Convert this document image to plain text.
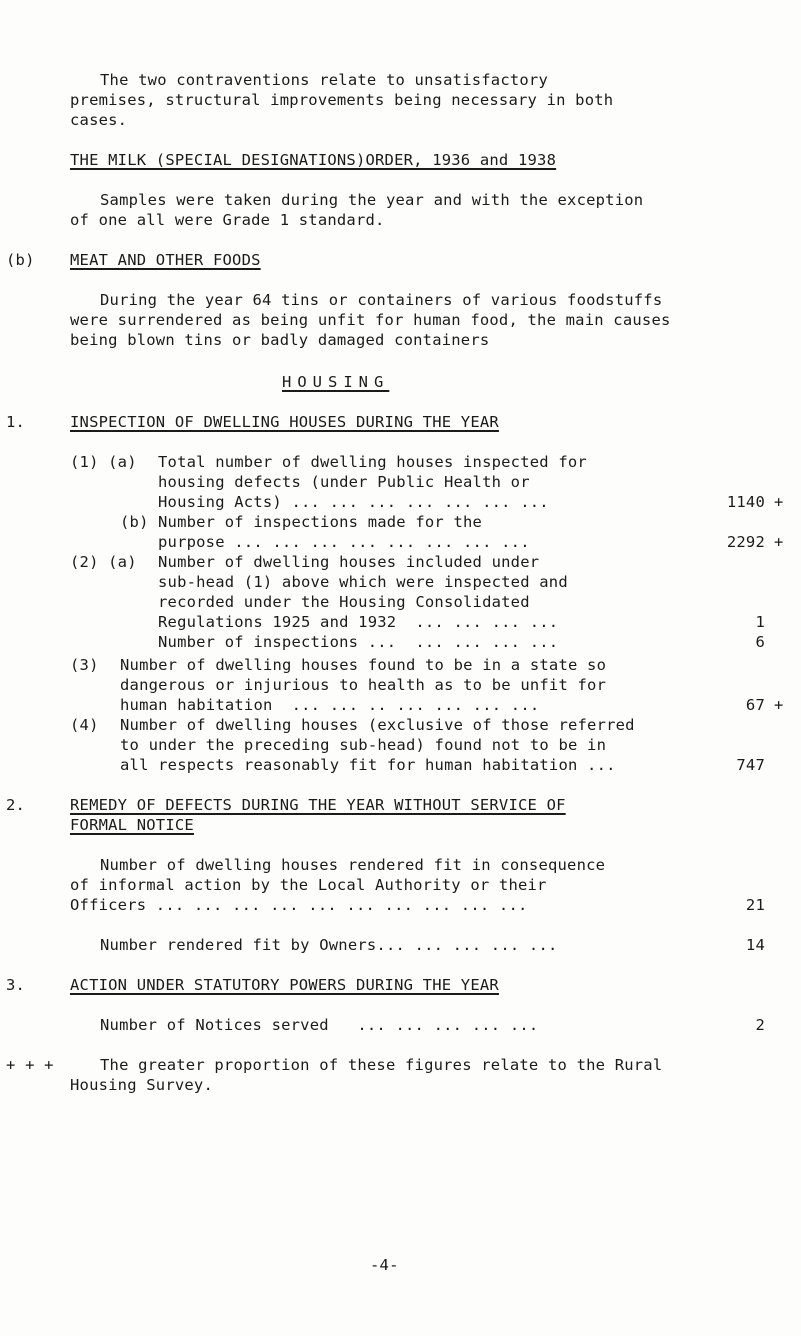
The two contraventions relate to unsatisfactory
premises, structural improvements being necessary in both
cases.
THE MILK (SPECIAL DESIGNATIONS)ORDER, 1936 and 1938
Samples were taken during the year and with the exception
of one all were Grade 1 standard.
(b) MEAT AND OTHER FOODS
During the year 64 tins or containers of various foodstuffs
were surrendered as being unfit for human food, the main causes
being blown tins or badly damaged containers
HOUSING
1.	INSPECTION OF DWELLING HOUSES DURING THE YEAR
(1) (a) Total number of dwelling houses inspected for
housing defects (under Public Health or
Housing Acts) ... ... ... ... ... ... ...	1140 +
(b) Number of inspections made for the
purpose ... ... ... ... ... ... ... ...	2292 +
(2) (a) Number of dwelling houses included under
sub-head (1) above which were inspected and
recorded under the Housing Consolidated
Regulations 1925 and 1932  ... ... ... ...	1
Number of inspections ...  ... ... ... ...	6
(3) Number of dwelling houses found to be in a state so
dangerous or injurious to health as to be unfit for
human habitation  ... ... .. ... ... ... ...	67 +
(4) Number of dwelling houses (exclusive of those referred
to under the preceding sub-head) found not to be in
all respects reasonably fit for human habitation ...	747
2.	REMEDY OF DEFECTS DURING THE YEAR WITHOUT SERVICE OF
FORMAL NOTICE
Number of dwelling houses rendered fit in consequence
of informal action by the Local Authority or their
Officers ... ... ... ... ... ... ... ... ... ...	21
Number rendered fit by Owners... ... ... ... ...	14
3.	ACTION UNDER STATUTORY POWERS DURING THE YEAR
Number of Notices served   ... ... ... ... ...	2
+ + +	The greater proportion of these figures relate to the Rural
Housing Survey.
-4-
